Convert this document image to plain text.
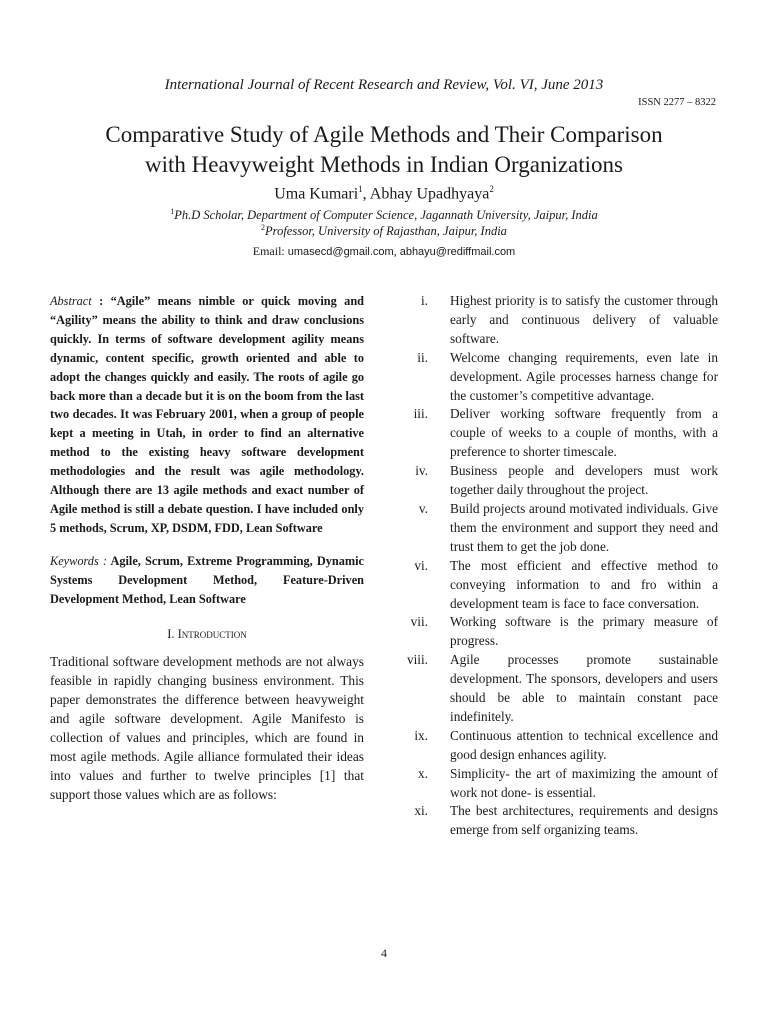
International Journal of Recent Research and Review, Vol. VI, June 2013
ISSN 2277 – 8322
Comparative Study of Agile Methods and Their Comparison
with Heavyweight Methods in Indian Organizations
Uma Kumari$^1$, Abhay Upadhyaya$^2$
$^1$Ph.D Scholar, Department of Computer Science, Jagannath University, Jaipur, India
$^2$Professor, University of Rajasthan, Jaipur, India
Email: umasecd@gmail.com, abhayu@rediffmail.com

Abstract : “Agile” means nimble or quick moving and “Agility” means the ability to think and draw conclusions quickly. In terms of software development agility means dynamic, content specific, growth oriented and able to adopt the changes quickly and easily. The roots of agile go back more than a decade but it is on the boom from the last two decades. It was February 2001, when a group of people kept a meeting in Utah, in order to find an alternative method to the existing heavy software development methodologies and the result was agile methodology. Although there are 13 agile methods and exact number of Agile method is still a debate question. I have included only 5 methods, Scrum, XP, DSDM, FDD, Lean Software

Keywords : Agile, Scrum, Extreme Programming, Dynamic Systems Development Method, Feature-Driven Development Method, Lean Software

I. Introduction

Traditional software development methods are not always feasible in rapidly changing business environment. This paper demonstrates the difference between heavyweight and agile software development. Agile Manifesto is collection of values and principles, which are found in most agile methods. Agile alliance formulated their ideas into values and further to twelve principles [1] that support those values which are as follows:

i. Highest priority is to satisfy the customer through early and continuous delivery of valuable software.
ii. Welcome changing requirements, even late in development. Agile processes harness change for the customer’s competitive advantage.
iii. Deliver working software frequently from a couple of weeks to a couple of months, with a preference to shorter timescale.
iv. Business people and developers must work together daily throughout the project.
v. Build projects around motivated individuals. Give them the environment and support they need and trust them to get the job done.
vi. The most efficient and effective method to conveying information to and fro within a development team is face to face conversation.
vii. Working software is the primary measure of progress.
viii. Agile processes promote sustainable development. The sponsors, developers and users should be able to maintain constant pace indefinitely.
ix. Continuous attention to technical excellence and good design enhances agility.
x. Simplicity- the art of maximizing the amount of work not done- is essential.
xi. The best architectures, requirements and designs emerge from self organizing teams.
4
